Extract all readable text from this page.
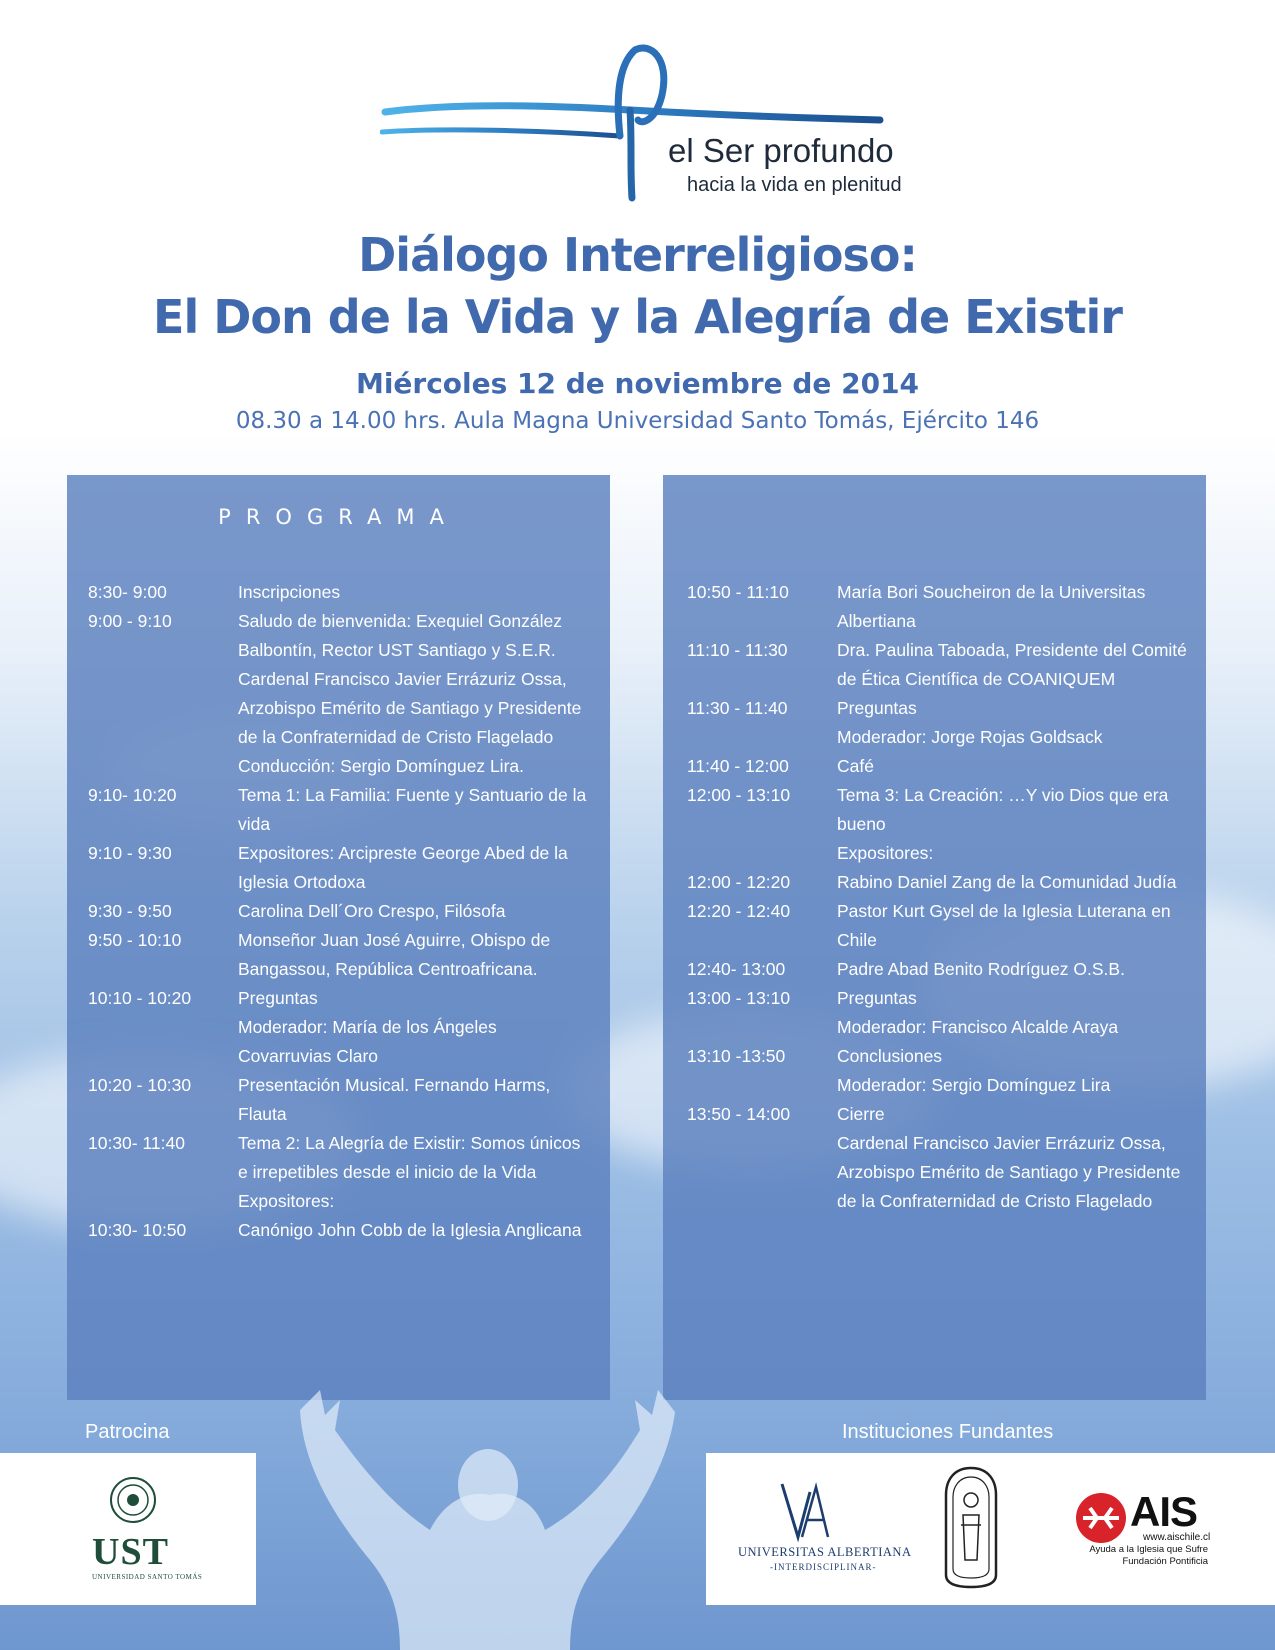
el Ser profundo
hacia la vida en plenitud
Diálogo Interreligioso:
El Don de la Vida y la Alegría de Existir
Miércoles 12 de noviembre de 2014
08.30 a 14.00 hrs. Aula Magna Universidad Santo Tomás, Ejército 146
PROGRAMA
8:30- 9:00	Inscripciones
9:00 - 9:10	Saludo de bienvenida: Exequiel González Balbontín, Rector UST Santiago y S.E.R. Cardenal Francisco Javier Errázuriz Ossa, Arzobispo Emérito de Santiago y Presidente de la Confraternidad de Cristo Flagelado
Conducción: Sergio Domínguez Lira.
9:10- 10:20	Tema 1: La Familia: Fuente y Santuario de la vida
9:10 - 9:30	Expositores: Arcipreste George Abed de la Iglesia Ortodoxa
9:30 - 9:50	Carolina Dell´Oro Crespo, Filósofa
9:50 - 10:10	Monseñor Juan José Aguirre, Obispo de Bangassou, República Centroafricana.
10:10 - 10:20	Preguntas
Moderador: María de los Ángeles Covarruvias Claro
10:20 - 10:30	Presentación Musical. Fernando Harms, Flauta
10:30- 11:40	Tema 2: La Alegría de Existir: Somos únicos e irrepetibles desde el inicio de la Vida
Expositores:
10:30- 10:50	Canónigo John Cobb de la Iglesia Anglicana
10:50 - 11:10	María Bori Soucheiron de la Universitas Albertiana
11:10 - 11:30	Dra. Paulina Taboada, Presidente del Comité de Ética Científica de COANIQUEM
11:30 - 11:40	Preguntas
Moderador: Jorge Rojas Goldsack
11:40 - 12:00	Café
12:00 - 13:10	Tema 3: La Creación: …Y vio Dios que era bueno
Expositores:
12:00 - 12:20	Rabino Daniel Zang de la Comunidad Judía
12:20 - 12:40	Pastor Kurt Gysel de la Iglesia Luterana en Chile
12:40- 13:00	Padre Abad Benito Rodríguez O.S.B.
13:00 - 13:10	Preguntas
Moderador: Francisco Alcalde Araya
13:10 -13:50	Conclusiones
Moderador: Sergio Domínguez Lira
13:50 - 14:00	Cierre
Cardenal Francisco Javier Errázuriz Ossa, Arzobispo Emérito de Santiago y Presidente de la Confraternidad de Cristo Flagelado
Patrocina	Instituciones Fundantes
UST
UNIVERSIDAD SANTO TOMÁS
UNIVERSITAS ALBERTIANA
-INTERDISCIPLINAR-
AIS
www.aischile.cl
Ayuda a la Iglesia que Sufre
Fundación Pontificia
